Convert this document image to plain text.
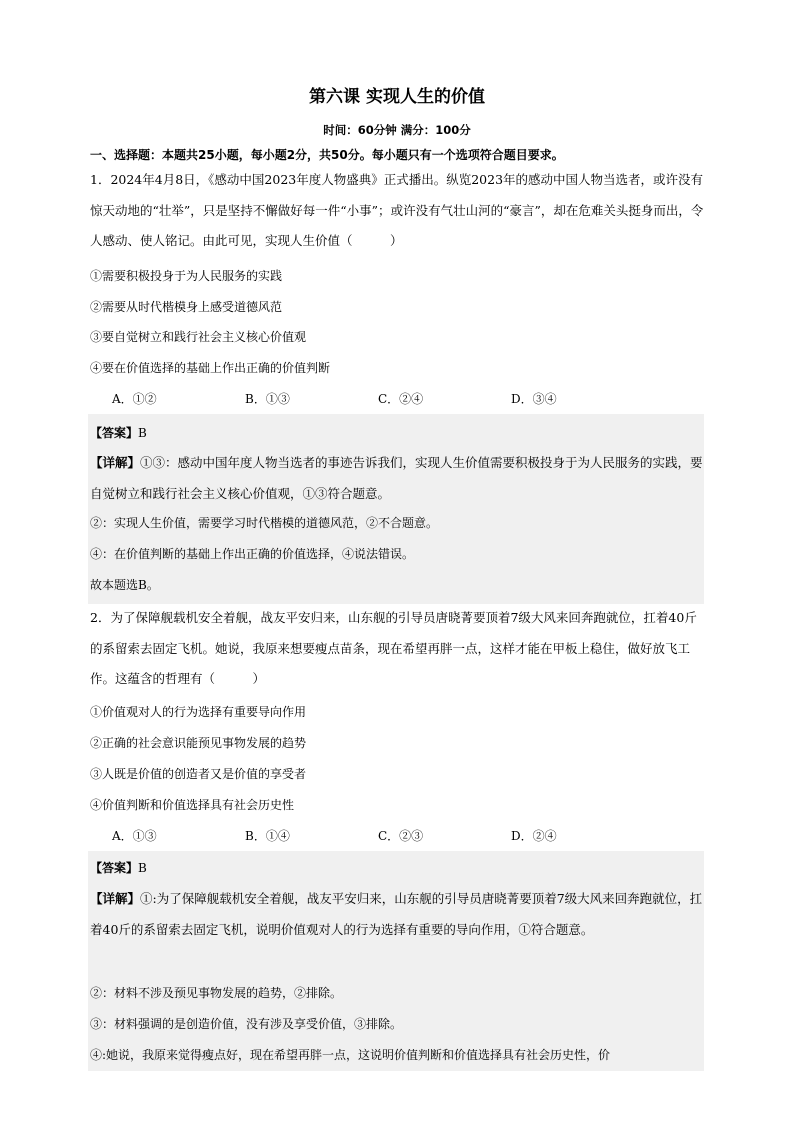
第六课 实现人生的价值
时间：60分钟 满分：100分
一、选择题：本题共25小题，每小题2分，共50分。每小题只有一个选项符合题目要求。
1．2024年4月8日，《感动中国2023年度人物盛典》正式播出。纵览2023年的感动中国人物当选者，或许没有惊天动地的“壮举”，只是坚持不懈做好每一件“小事”；或许没有气壮山河的“豪言”，却在危难关头挺身而出，令人感动、使人铭记。由此可见，实现人生价值（　　　）
①需要积极投身于为人民服务的实践
②需要从时代楷模身上感受道德风范
③要自觉树立和践行社会主义核心价值观
④要在价值选择的基础上作出正确的价值判断
A．①②	B．①③	C．②④	D．③④
【答案】B
【详解】①③：感动中国年度人物当选者的事迹告诉我们，实现人生价值需要积极投身于为人民服务的实践，要自觉树立和践行社会主义核心价值观，①③符合题意。
②：实现人生价值，需要学习时代楷模的道德风范，②不合题意。
④：在价值判断的基础上作出正确的价值选择，④说法错误。
故本题选B。
2．为了保障舰载机安全着舰，战友平安归来，山东舰的引导员唐晓菁要顶着7级大风来回奔跑就位，扛着40斤的系留索去固定飞机。她说，我原来想要瘦点苗条，现在希望再胖一点，这样才能在甲板上稳住，做好放飞工作。这蕴含的哲理有（　　　）
①价值观对人的行为选择有重要导向作用
②正确的社会意识能预见事物发展的趋势
③人既是价值的创造者又是价值的享受者
④价值判断和价值选择具有社会历史性
A．①③	B．①④	C．②③	D．②④
【答案】B
【详解】①:为了保障舰载机安全着舰，战友平安归来，山东舰的引导员唐晓菁要顶着7级大风来回奔跑就位，扛着40斤的系留索去固定飞机，说明价值观对人的行为选择有重要的导向作用，①符合题意。
②：材料不涉及预见事物发展的趋势，②排除。
③：材料强调的是创造价值，没有涉及享受价值，③排除。
④:她说，我原来觉得瘦点好，现在希望再胖一点，这说明价值判断和价值选择具有社会历史性，价
